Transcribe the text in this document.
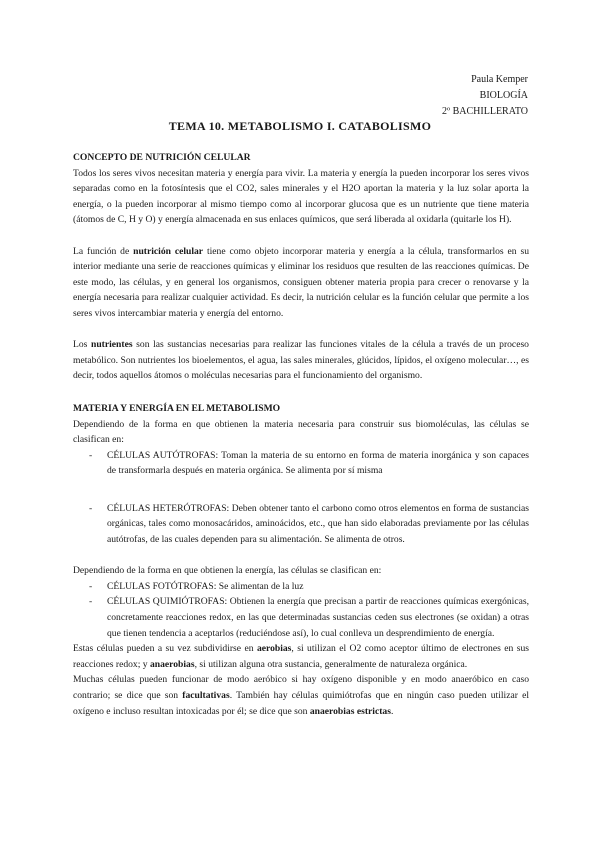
Paula Kemper
BIOLOGÍA
2º BACHILLERATO
TEMA 10. METABOLISMO I. CATABOLISMO

CONCEPTO DE NUTRICIÓN CELULAR

Todos los seres vivos necesitan materia y energía para vivir. La materia y energía la pueden incorporar los seres vivos separadas como en la fotosíntesis que el CO2, sales minerales y el H2O aportan la materia y la luz solar aporta la energía, o la pueden incorporar al mismo tiempo como al incorporar glucosa que es un nutriente que tiene materia (átomos de C, H y O) y energía almacenada en sus enlaces químicos, que será liberada al oxidarla (quitarle los H).

La función de nutrición celular tiene como objeto incorporar materia y energía a la célula, transformarlos en su interior mediante una serie de reacciones químicas y eliminar los residuos que resulten de las reacciones químicas. De este modo, las células, y en general los organismos, consiguen obtener materia propia para crecer o renovarse y la energía necesaria para realizar cualquier actividad. Es decir, la nutrición celular es la función celular que permite a los seres vivos intercambiar materia y energía del entorno.

Los nutrientes son las sustancias necesarias para realizar las funciones vitales de la célula a través de un proceso metabólico. Son nutrientes los bioelementos, el agua, las sales minerales, glúcidos, lípidos, el oxígeno molecular…, es decir, todos aquellos átomos o moléculas necesarias para el funcionamiento del organismo.

MATERIA Y ENERGÍA EN EL METABOLISMO

Dependiendo de la forma en que obtienen la materia necesaria para construir sus biomoléculas, las células se clasifican en:

- CÉLULAS AUTÓTROFAS: Toman la materia de su entorno en forma de materia inorgánica y son capaces de transformarla después en materia orgánica. Se alimenta por sí misma
- CÉLULAS HETERÓTROFAS: Deben obtener tanto el carbono como otros elementos en forma de sustancias orgánicas, tales como monosacáridos, aminoácidos, etc., que han sido elaboradas previamente por las células autótrofas, de las cuales dependen para su alimentación. Se alimenta de otros.

Dependiendo de la forma en que obtienen la energía, las células se clasifican en:

- CÉLULAS FOTÓTROFAS: Se alimentan de la luz
- CÉLULAS QUIMIÓTROFAS: Obtienen la energía que precisan a partir de reacciones químicas exergónicas, concretamente reacciones redox, en las que determinadas sustancias ceden sus electrones (se oxidan) a otras que tienen tendencia a aceptarlos (reduciéndose así), lo cual conlleva un desprendimiento de energía.

Estas células pueden a su vez subdividirse en aerobias, si utilizan el O2 como aceptor último de electrones en sus reacciones redox; y anaerobias, si utilizan alguna otra sustancia, generalmente de naturaleza orgánica.

Muchas células pueden funcionar de modo aeróbico si hay oxígeno disponible y en modo anaeróbico en caso contrario; se dice que son facultativas. También hay células quimiótrofas que en ningún caso pueden utilizar el oxígeno e incluso resultan intoxicadas por él; se dice que son anaerobias estrictas.
